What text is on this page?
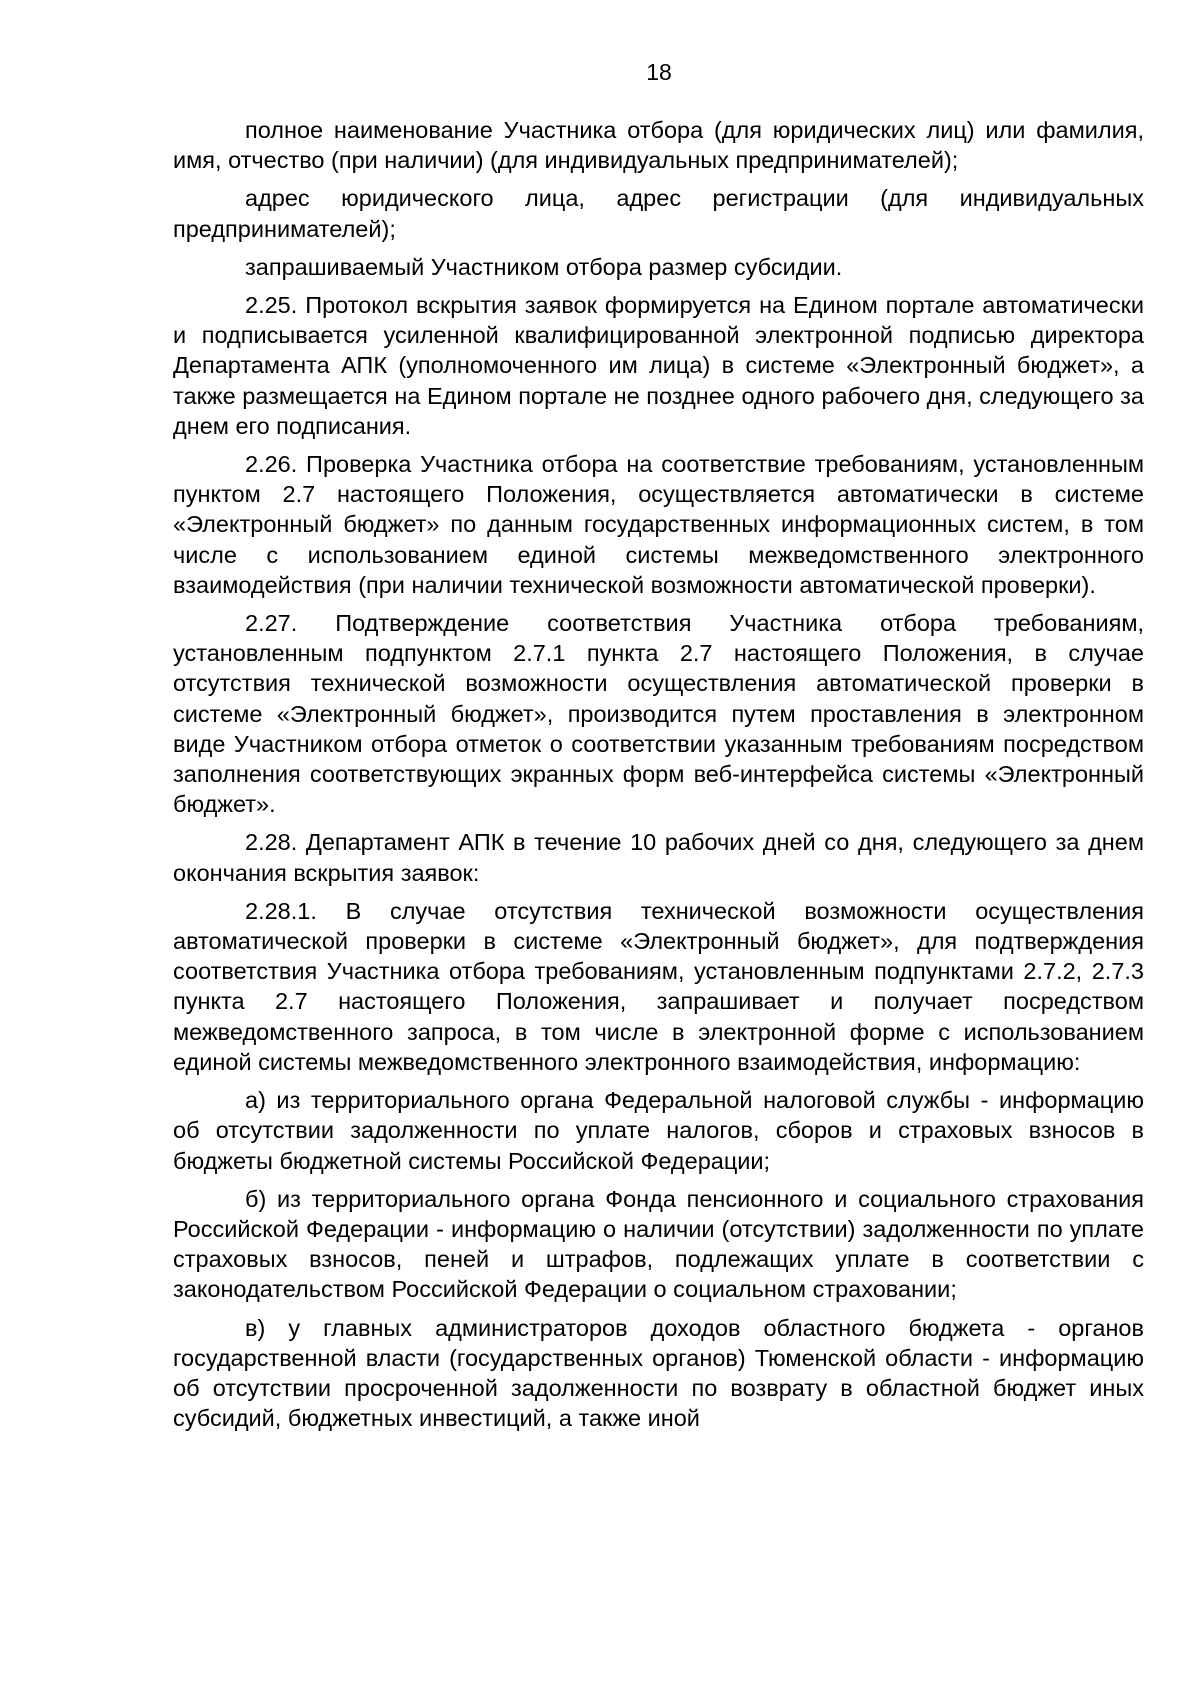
18

полное наименование Участника отбора (для юридических лиц) или фамилия, имя, отчество (при наличии) (для индивидуальных предпринимателей);

адрес юридического лица, адрес регистрации (для индивидуальных предпринимателей);

запрашиваемый Участником отбора размер субсидии.

2.25. Протокол вскрытия заявок формируется на Едином портале автоматически и подписывается усиленной квалифицированной электронной подписью директора Департамента АПК (уполномоченного им лица) в системе «Электронный бюджет», а также размещается на Едином портале не позднее одного рабочего дня, следующего за днем его подписания.

2.26. Проверка Участника отбора на соответствие требованиям, установленным пунктом 2.7 настоящего Положения, осуществляется автоматически в системе «Электронный бюджет» по данным государственных информационных систем, в том числе с использованием единой системы межведомственного электронного взаимодействия (при наличии технической возможности автоматической проверки).

2.27. Подтверждение соответствия Участника отбора требованиям, установленным подпунктом 2.7.1 пункта 2.7 настоящего Положения, в случае отсутствия технической возможности осуществления автоматической проверки в системе «Электронный бюджет», производится путем проставления в электронном виде Участником отбора отметок о соответствии указанным требованиям посредством заполнения соответствующих экранных форм веб-интерфейса системы «Электронный бюджет».

2.28. Департамент АПК в течение 10 рабочих дней со дня, следующего за днем окончания вскрытия заявок:

2.28.1. В случае отсутствия технической возможности осуществления автоматической проверки в системе «Электронный бюджет», для подтверждения соответствия Участника отбора требованиям, установленным подпунктами 2.7.2, 2.7.3 пункта 2.7 настоящего Положения, запрашивает и получает посредством межведомственного запроса, в том числе в электронной форме с использованием единой системы межведомственного электронного взаимодействия, информацию:

а) из территориального органа Федеральной налоговой службы - информацию об отсутствии задолженности по уплате налогов, сборов и страховых взносов в бюджеты бюджетной системы Российской Федерации;

б) из территориального органа Фонда пенсионного и социального страхования Российской Федерации - информацию о наличии (отсутствии) задолженности по уплате страховых взносов, пеней и штрафов, подлежащих уплате в соответствии с законодательством Российской Федерации о социальном страховании;

в) у главных администраторов доходов областного бюджета - органов государственной власти (государственных органов) Тюменской области - информацию об отсутствии просроченной задолженности по возврату в областной бюджет иных субсидий, бюджетных инвестиций, а также иной
